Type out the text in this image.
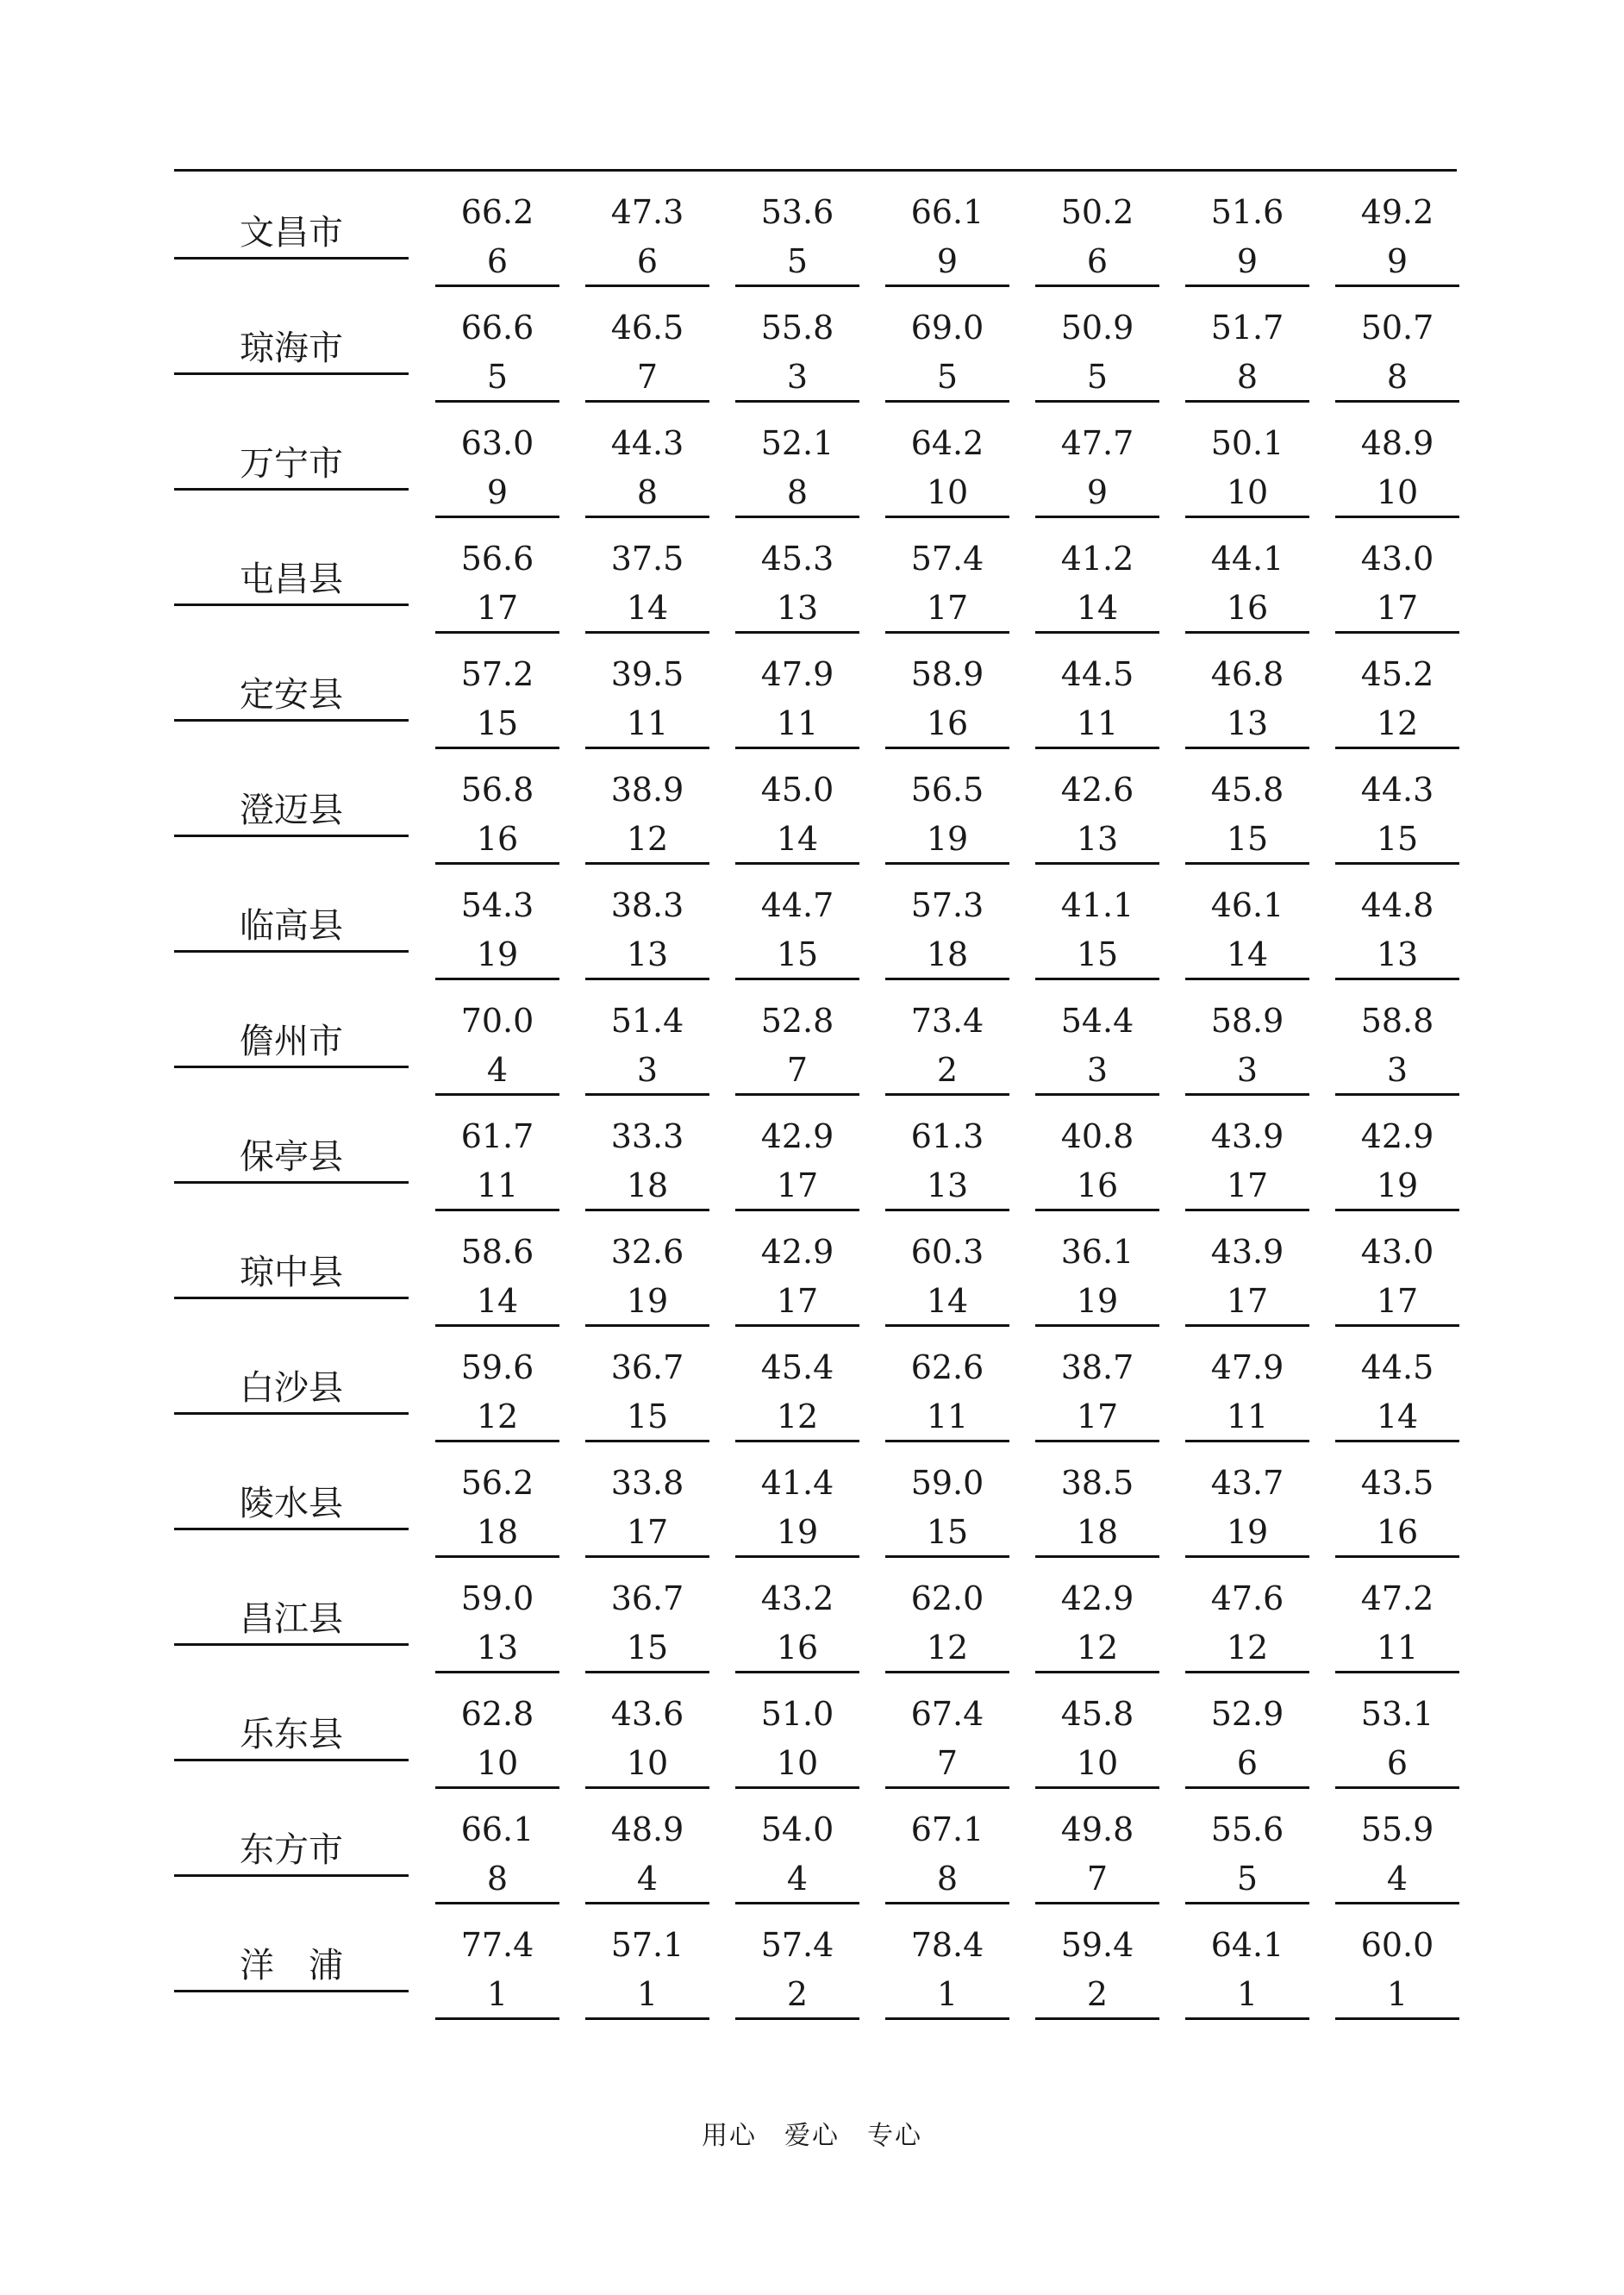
文昌市
66.2
6
47.3
6
53.6
5
66.1
9
50.2
6
51.6
9
49.2
9
琼海市
66.6
5
46.5
7
55.8
3
69.0
5
50.9
5
51.7
8
50.7
8
万宁市
63.0
9
44.3
8
52.1
8
64.2
10
47.7
9
50.1
10
48.9
10
屯昌县
56.6
17
37.5
14
45.3
13
57.4
17
41.2
14
44.1
16
43.0
17
定安县
57.2
15
39.5
11
47.9
11
58.9
16
44.5
11
46.8
13
45.2
12
澄迈县
56.8
16
38.9
12
45.0
14
56.5
19
42.6
13
45.8
15
44.3
15
临高县
54.3
19
38.3
13
44.7
15
57.3
18
41.1
15
46.1
14
44.8
13
儋州市
70.0
4
51.4
3
52.8
7
73.4
2
54.4
3
58.9
3
58.8
3
保亭县
61.7
11
33.3
18
42.9
17
61.3
13
40.8
16
43.9
17
42.9
19
琼中县
58.6
14
32.6
19
42.9
17
60.3
14
36.1
19
43.9
17
43.0
17
白沙县
59.6
12
36.7
15
45.4
12
62.6
11
38.7
17
47.9
11
44.5
14
陵水县
56.2
18
33.8
17
41.4
19
59.0
15
38.5
18
43.7
19
43.5
16
昌江县
59.0
13
36.7
15
43.2
16
62.0
12
42.9
12
47.6
12
47.2
11
乐东县
62.8
10
43.6
10
51.0
10
67.4
7
45.8
10
52.9
6
53.1
6
东方市
66.1
8
48.9
4
54.0
4
67.1
8
49.8
7
55.6
5
55.9
4
洋　浦
77.4
1
57.1
1
57.4
2
78.4
1
59.4
2
64.1
1
60.0
1
用心　爱心　专心
